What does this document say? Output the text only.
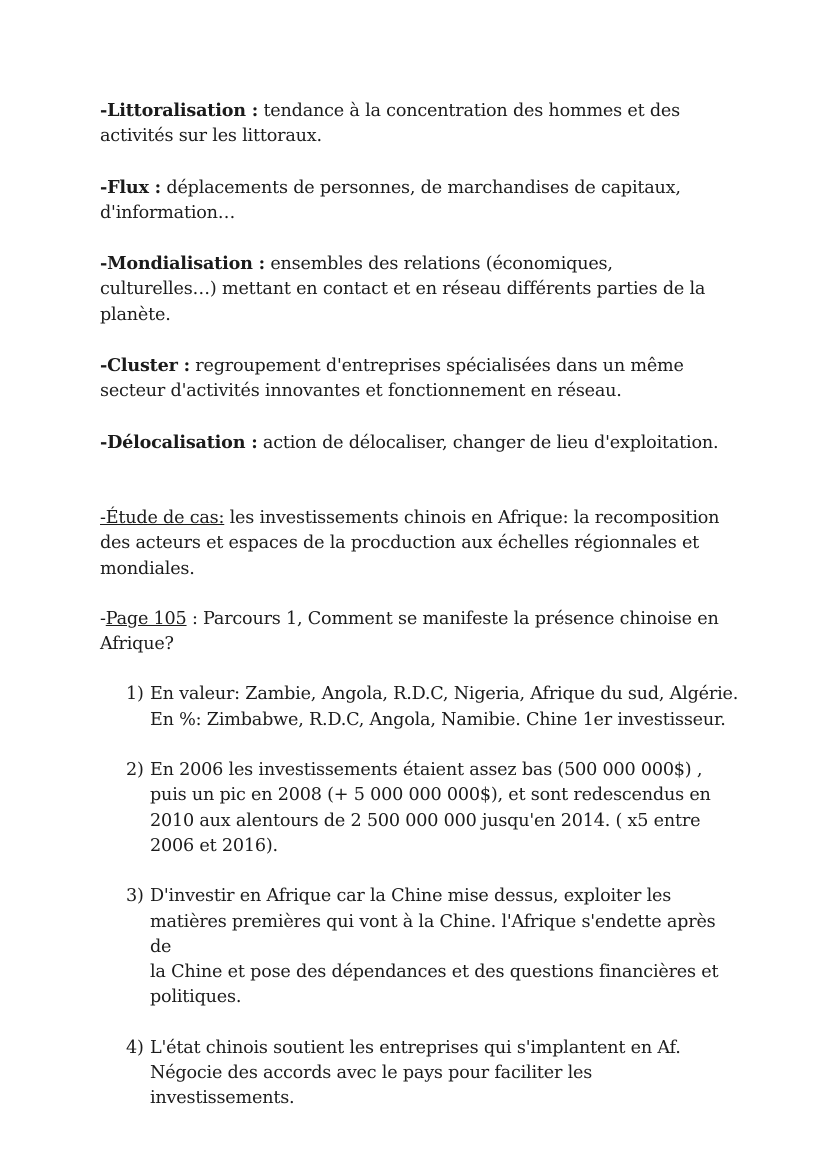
-Littoralisation : tendance à la concentration des hommes et des
activités sur les littoraux.

-Flux : déplacements de personnes, de marchandises de capitaux,
d'information…

-Mondialisation : ensembles des relations (économiques,
culturelles…) mettant en contact et en réseau différents parties de la
planète.

-Cluster : regroupement d'entreprises spécialisées dans un même
secteur d'activités innovantes et fonctionnement en réseau.

-Délocalisation : action de délocaliser, changer de lieu d'exploitation.

-Étude de cas: les investissements chinois en Afrique: la recomposition
des acteurs et espaces de la procduction aux échelles régionnales et
mondiales.

-Page 105 : Parcours 1, Comment se manifeste la présence chinoise en
Afrique?

1) En valeur: Zambie, Angola, R.D.C, Nigeria, Afrique du sud, Algérie.
En %: Zimbabwe, R.D.C, Angola, Namibie. Chine 1er investisseur.
2) En 2006 les investissements étaient assez bas (500 000 000$) ,
puis un pic en 2008 (+ 5 000 000 000$), et sont redescendus en
2010 aux alentours de 2 500 000 000 jusqu'en 2014. ( x5 entre
2006 et 2016).
3) D'investir en Afrique car la Chine mise dessus, exploiter les
matières premières qui vont à la Chine. l'Afrique s'endette après de
la Chine et pose des dépendances et des questions financières et
politiques.
4) L'état chinois soutient les entreprises qui s'implantent en Af.
Négocie des accords avec le pays pour faciliter les investissements.
